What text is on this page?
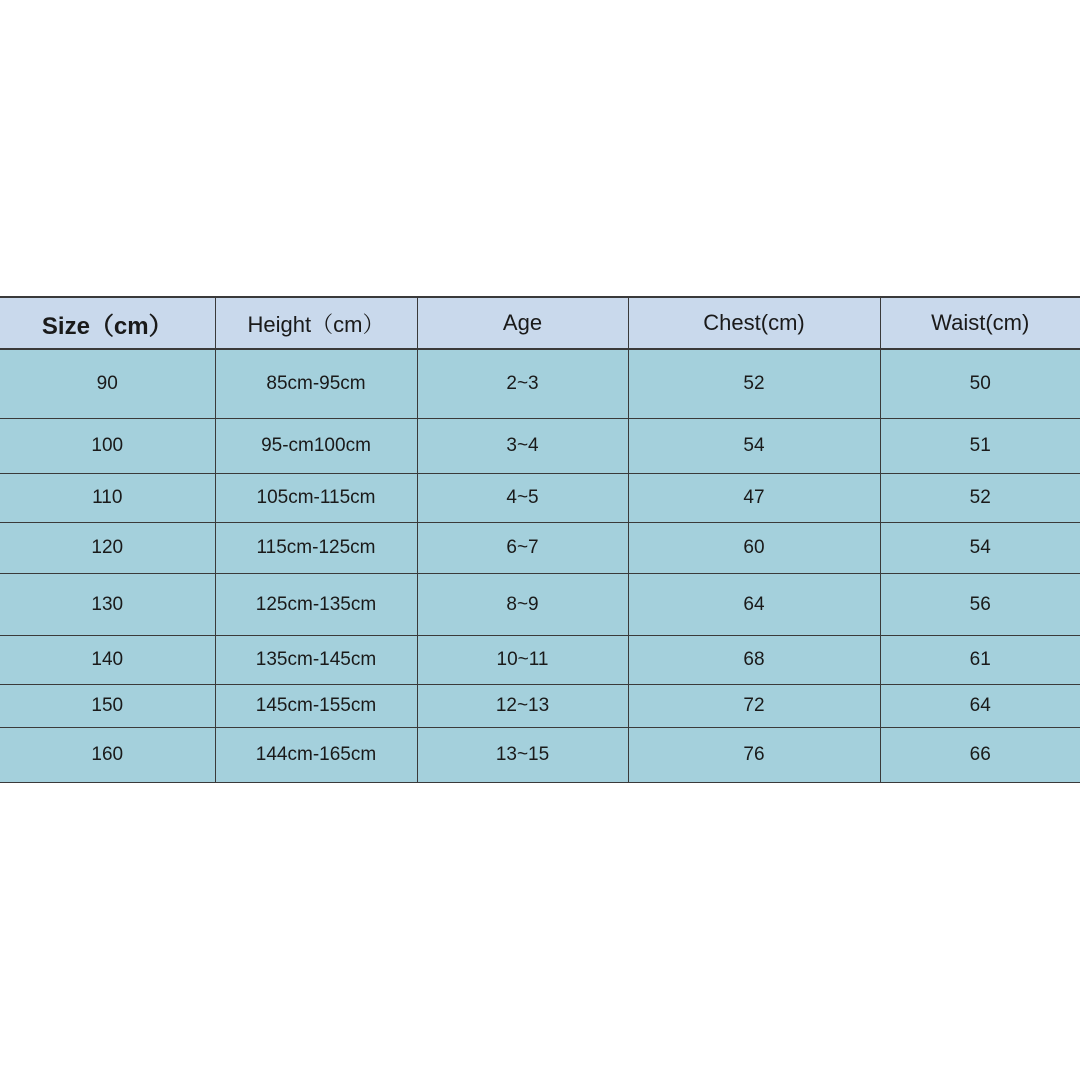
Size（cm）	Height（cm）	Age	Chest(cm)	Waist(cm)
90	85cm-95cm	2~3	52	50
100	95-cm100cm	3~4	54	51
110	105cm-115cm	4~5	47	52
120	115cm-125cm	6~7	60	54
130	125cm-135cm	8~9	64	56
140	135cm-145cm	10~11	68	61
150	145cm-155cm	12~13	72	64
160	144cm-165cm	13~15	76	66
